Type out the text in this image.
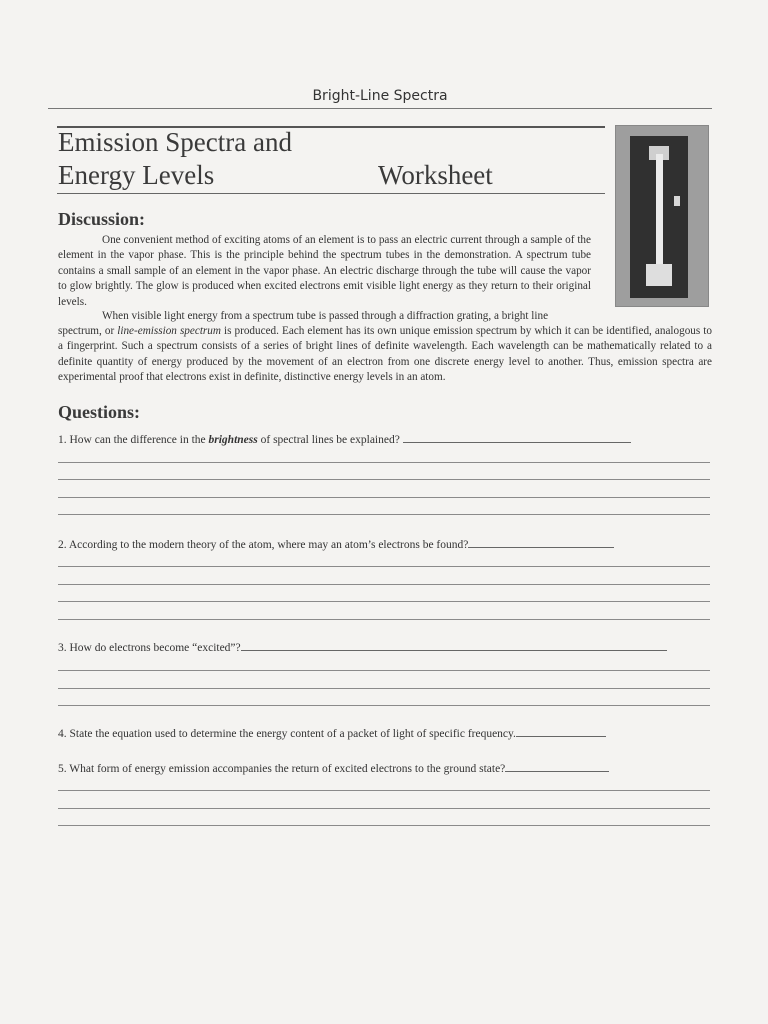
Bright-Line Spectra
Emission Spectra and
Energy Levels	Worksheet
Discussion:

One convenient method of exciting atoms of an element is to pass an electric current through a sample of the element in the vapor phase. This is the principle behind the spectrum tubes in the demonstration. A spectrum tube contains a small sample of an element in the vapor phase. An electric discharge through the tube will cause the vapor to glow brightly. The glow is produced when excited electrons emit visible light energy as they return to their original levels.

When visible light energy from a spectrum tube is passed through a diffraction grating, a bright line

spectrum, or line-emission spectrum is produced. Each element has its own unique emission spectrum by which it can be identified, analogous to a fingerprint. Such a spectrum consists of a series of bright lines of definite wavelength. Each wavelength can be mathematically related to a definite quantity of energy produced by the movement of an electron from one discrete energy level to another. Thus, emission spectra are experimental proof that electrons exist in definite, distinctive energy levels in an atom.

Questions:
1. How can the difference in the brightness of spectral lines be explained?
2. According to the modern theory of the atom, where may an atom’s electrons be found?
3. How do electrons become “excited”?
4. State the equation used to determine the energy content of a packet of light of specific frequency.
5. What form of energy emission accompanies the return of excited electrons to the ground state?
